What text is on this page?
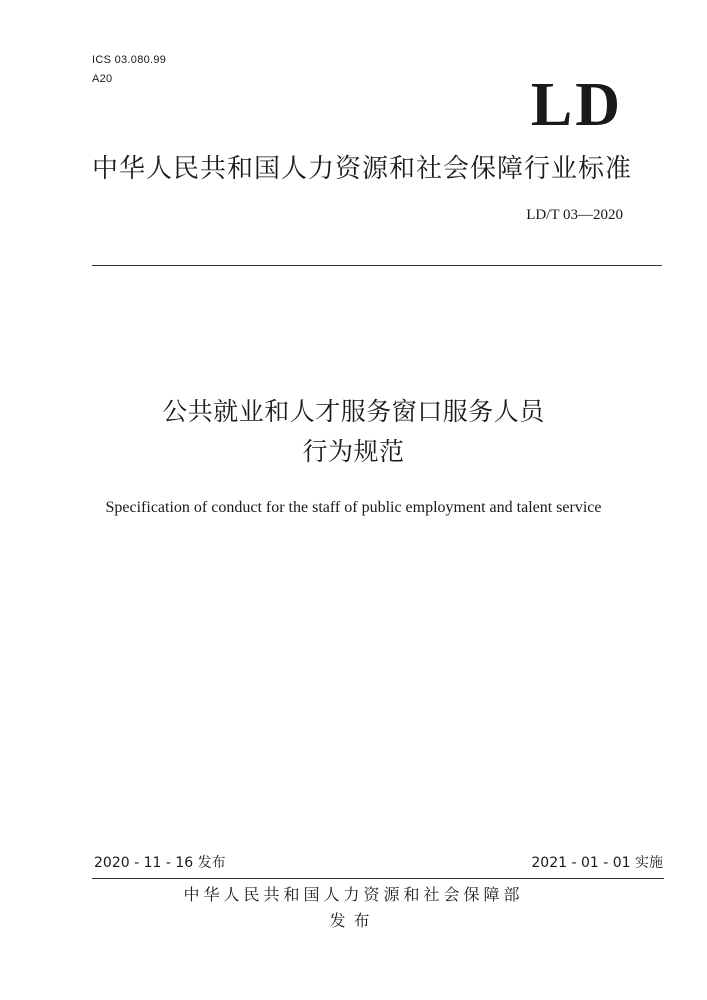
ICS 03.080.99
A20	LD
中华人民共和国人力资源和社会保障行业标准
LD/T 03—2020
公共就业和人才服务窗口服务人员
行为规范
Specification of conduct for the staff of public employment and talent service
2020 - 11 - 16 发布	2021 - 01 - 01 实施
中华人民共和国人力资源和社会保障部
发布
